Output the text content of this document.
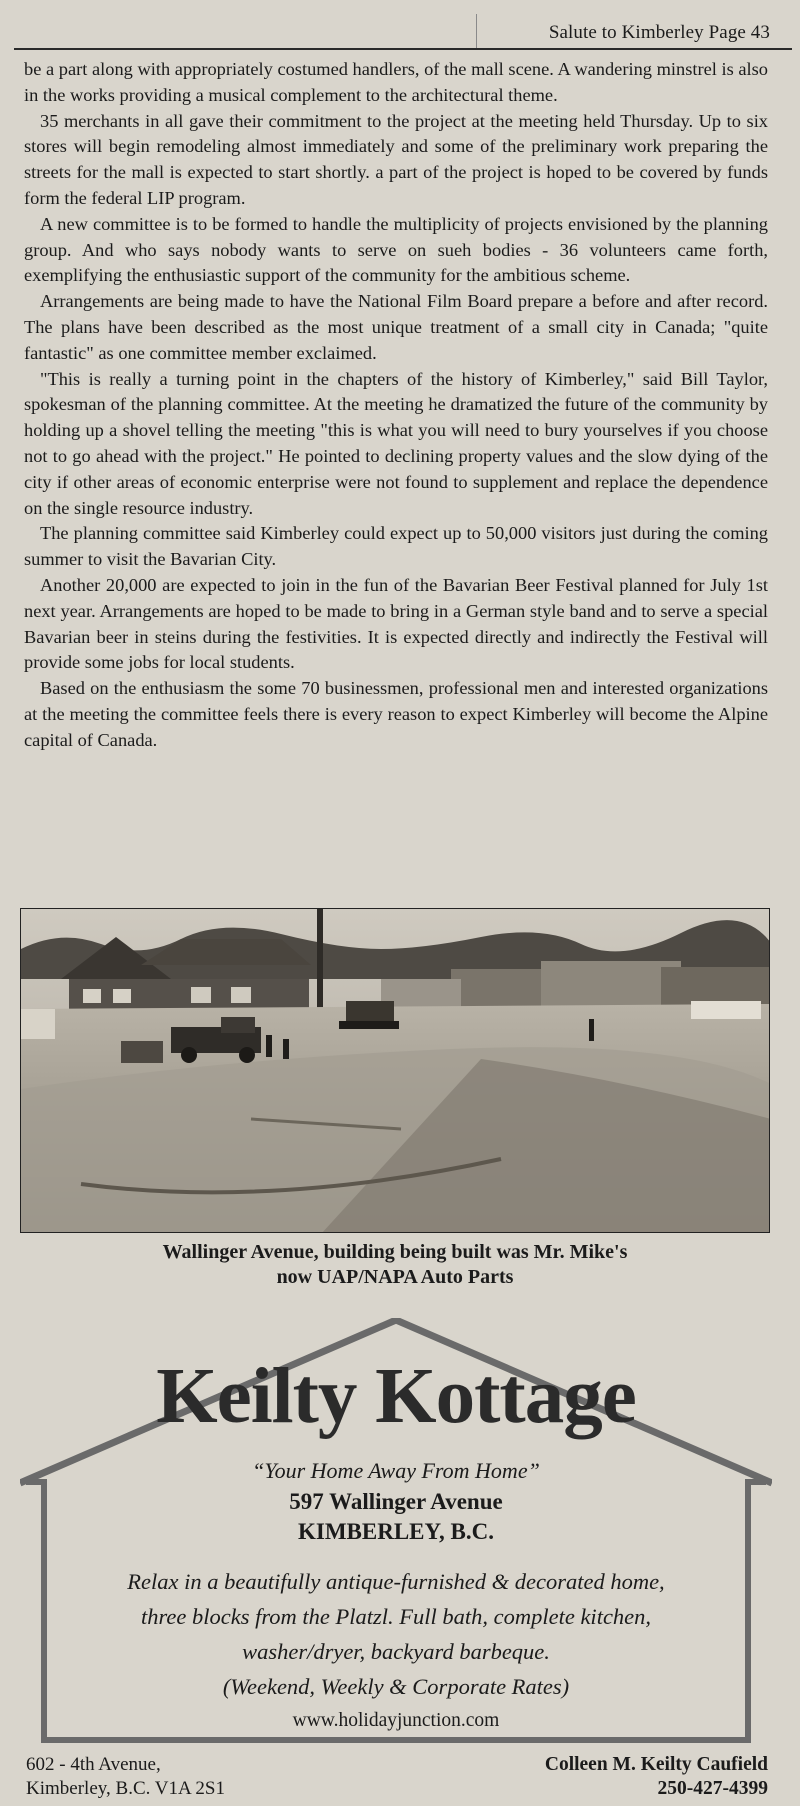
Salute to Kimberley Page 43

be a part along with appropriately costumed handlers, of the mall scene. A wandering minstrel is also in the works providing a musical complement to the architectural theme.

35 merchants in all gave their commitment to the project at the meeting held Thursday. Up to six stores will begin remodeling almost immediately and some of the preliminary work preparing the streets for the mall is expected to start shortly. a part of the project is hoped to be covered by funds form the federal LIP program.

A new committee is to be formed to handle the multiplicity of projects envisioned by the planning group. And who says nobody wants to serve on sueh bodies - 36 volunteers came forth, exemplifying the enthusiastic support of the community for the ambitious scheme.

Arrangements are being made to have the National Film Board prepare a before and after record. The plans have been described as the most unique treatment of a small city in Canada; "quite fantastic" as one committee member exclaimed.

"This is really a turning point in the chapters of the history of Kimberley," said Bill Taylor, spokesman of the planning committee. At the meeting he dramatized the future of the community by holding up a shovel telling the meeting "this is what you will need to bury yourselves if you choose not to go ahead with the project." He pointed to declining property values and the slow dying of the city if other areas of economic enterprise were not found to supplement and replace the dependence on the single resource industry.

The planning committee said Kimberley could expect up to 50,000 visitors just during the coming summer to visit the Bavarian City.

Another 20,000 are expected to join in the fun of the Bavarian Beer Festival planned for July 1st next year. Arrangements are hoped to be made to bring in a German style band and to serve a special Bavarian beer in steins during the festivities. It is expected directly and indirectly the Festival will provide some jobs for local students.

Based on the enthusiasm the some 70 businessmen, professional men and interested organizations at the meeting the committee feels there is every reason to expect Kimberley will become the Alpine capital of Canada.

Wallinger Avenue, building being built was Mr. Mike's
now UAP/NAPA Auto Parts
Keilty Kottage
“Your Home Away From Home”
597 Wallinger Avenue
KIMBERLEY, B.C.
Relax in a beautifully antique-furnished & decorated home,
three blocks from the Platzl. Full bath, complete kitchen,
washer/dryer, backyard barbeque.
(Weekend, Weekly & Corporate Rates)
www.holidayjunction.com
602 - 4th Avenue,
Kimberley, B.C. V1A 2S1
Colleen M. Keilty Caufield
250-427-4399
